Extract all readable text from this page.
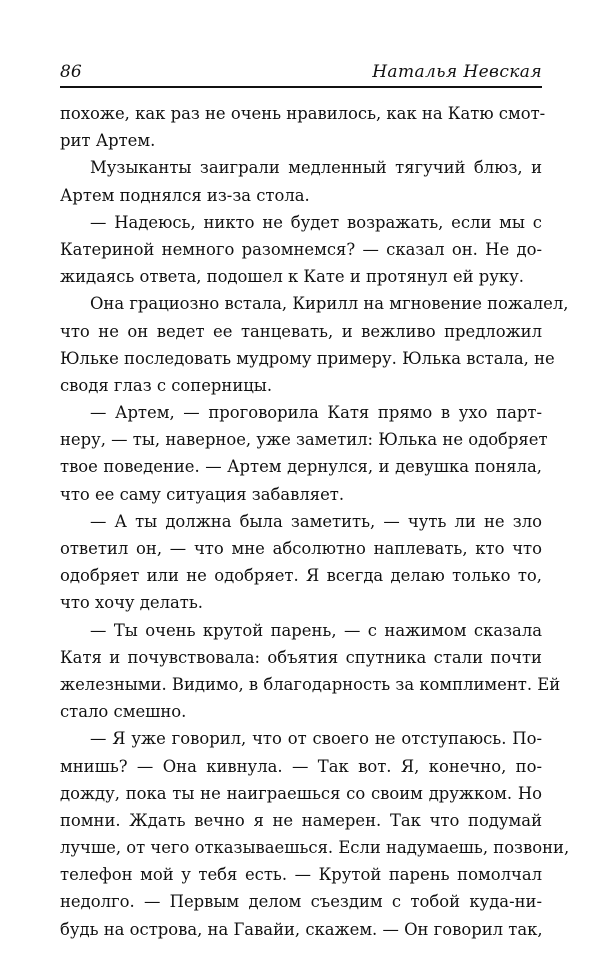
86	Наталья Невская
похоже, как раз не очень нравилось, как на Катю смот-
рит Артем.
Музыканты заиграли медленный тягучий блюз, и
Артем поднялся из-за стола.
— Надеюсь, никто не будет возражать, если мы с
Катериной немного разомнемся? — сказал он. Не до-
жидаясь ответа, подошел к Кате и протянул ей руку.
Она грациозно встала, Кирилл на мгновение пожалел,
что не он ведет ее танцевать, и вежливо предложил
Юльке последовать мудрому примеру. Юлька встала, не
сводя глаз с соперницы.
— Артем, — проговорила Катя прямо в ухо парт-
неру, — ты, наверное, уже заметил: Юлька не одобряет
твое поведение. — Артем дернулся, и девушка поняла,
что ее саму ситуация забавляет.
— А ты должна была заметить, — чуть ли не зло
ответил он, — что мне абсолютно наплевать, кто что
одобряет или не одобряет. Я всегда делаю только то,
что хочу делать.
— Ты очень крутой парень, — с нажимом сказала
Катя и почувствовала: объятия спутника стали почти
железными. Видимо, в благодарность за комплимент. Ей
стало смешно.
— Я уже говорил, что от своего не отступаюсь. По-
мнишь? — Она кивнула. — Так вот. Я, конечно, по-
дожду, пока ты не наиграешься со своим дружком. Но
помни. Ждать вечно я не намерен. Так что подумай
лучше, от чего отказываешься. Если надумаешь, позвони,
телефон мой у тебя есть. — Крутой парень помолчал
недолго. — Первым делом съездим с тобой куда-ни-
будь на острова, на Гавайи, скажем. — Он говорил так,
